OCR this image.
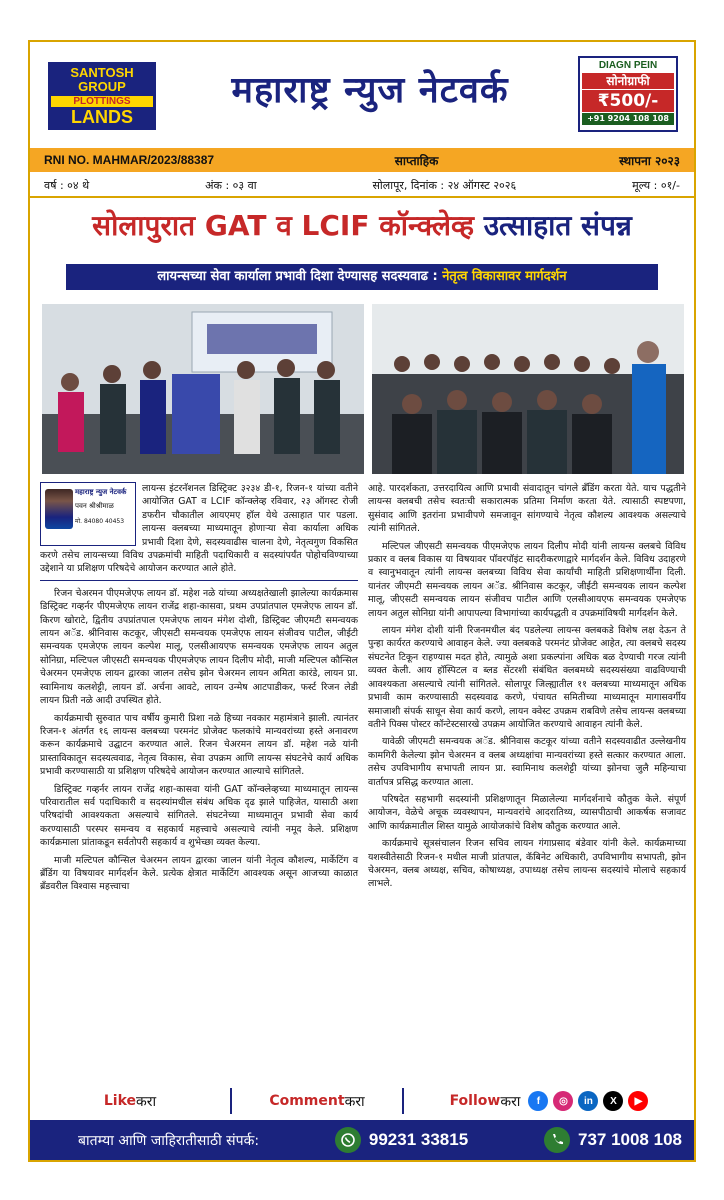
SANTOSH
GROUP
PLOTTINGS
LANDS
महाराष्ट्र न्युज नेटवर्क
DIAGN PEIN
सोनोग्राफी
₹500/-
+91 9204 108 108
RNI NO. MAHMAR/2023/88387	साप्ताहिक	स्थापना २०२३
वर्ष : ०४ थे	अंक : ०३ वा	सोलापूर, दिनांक : २४ ऑगस्ट २०२६	मूल्य : ०१/-
सोलापुरात GAT व LCIF कॉन्क्लेव्ह उत्साहात संपन्न
लायन्सच्या सेवा कार्याला प्रभावी दिशा देण्यासह सदस्यवाढ : नेतृत्व विकासावर मार्गदर्शन
महाराष्ट्र न्युज नेटवर्क
पवन श्रीश्रीमाळ
मो. 84080 40453

लायन्स इंटरनॅशनल डिस्ट्रिक्ट ३२३४ डी-१, रिजन-१ यांच्या वतीने आयोजित GAT व LCIF कॉन्क्लेव्ह रविवार, २३ ऑगस्ट रोजी डफरीन चौकातील आयएमए हॉल येथे उत्साहात पार पडला. लायन्स क्लबच्या माध्यमातून होणाऱ्या सेवा कार्याला अधिक प्रभावी दिशा देणे, सदस्यवाढीस चालना देणे, नेतृत्वगुण विकसित करणे तसेच लायन्सच्या विविध उपक्रमांची माहिती पदाधिकारी व सदस्यांपर्यंत पोहोचविण्याच्या उद्देशाने या प्रशिक्षण परिषदेचे आयोजन करण्यात आले होते.

रिजन चेअरमन पीएमजेएफ लायन डॉ. महेश नळे यांच्या अध्यक्षतेखाली झालेल्या कार्यक्रमास डिस्ट्रिक्ट गव्हर्नर पीएमजेएफ लायन राजेंद्र शहा-कासवा, प्रथम उपप्रांतपाल एमजेएफ लायन डॉ. किरण खोराटे, द्वितीय उपप्रांतपाल एमजेएफ लायन मंगेश दोशी, डिस्ट्रिक्ट जीएमटी समन्वयक लायन अॅड. श्रीनिवास कटकूर, जीएसटी समन्वयक एमजेएफ लायन संजीवच पाटील, जीईटी समन्वयक एमजेएफ लायन कल्पेश मालू, एलसीआयएफ समन्वयक एमजेएफ लायन अतुल सोनिग्रा, मल्टिपल जीएसटी समन्वयक पीएमजेएफ लायन दिलीप मोदी, माजी मल्टिपल कौन्सिल चेअरमन एमजेएफ लायन द्वारका जालन तसेच झोन चेअरमन लायन अमिता कारंडे, लायन प्रा. स्वामिनाथ कलशेट्टी, लायन डॉ. अर्चना आवटे, लायन उन्मेष आटपाडीकर, फर्स्ट रिजन लेडी लायन प्रिती नळे आदी उपस्थित होते.

कार्यक्रमाची सुरुवात पाच वर्षीय कुमारी प्रिशा नळे हिच्या नवकार महामंत्राने झाली. त्यानंतर रिजन-१ अंतर्गत १६ लायन्स क्लबच्या परमनंट प्रोजेक्ट फलकांचे मान्यवरांच्या हस्ते अनावरण करून कार्यक्रमाचे उद्घाटन करण्यात आले. रिजन चेअरमन लायन डॉ. महेश नळे यांनी प्रास्ताविकातून सदस्यत्ववाढ, नेतृत्व विकास, सेवा उपक्रम आणि लायन्स संघटनेचे कार्य अधिक प्रभावी करण्यासाठी या प्रशिक्षण परिषदेचे आयोजन करण्यात आल्याचे सांगितले.

डिस्ट्रिक्ट गव्हर्नर लायन राजेंद्र शहा-कासवा यांनी GAT कॉन्क्लेव्हच्या माध्यमातून लायन्स परिवारातील सर्व पदाधिकारी व सदस्यांमधील संबंध अधिक दृढ झाले पाहिजेत, यासाठी अशा परिषदांची आवश्यकता असल्याचे सांगितले. संघटनेच्या माध्यमातून प्रभावी सेवा कार्य करण्यासाठी परस्पर समन्वय व सहकार्य महत्त्वाचे असल्याचे त्यांनी नमूद केले. प्रशिक्षण कार्यक्रमाला प्रांताकडून सर्वतोपरी सहकार्य व शुभेच्छा व्यक्त केल्या.

माजी मल्टिपल कौन्सिल चेअरमन लायन द्वारका जालन यांनी नेतृत्व कौशल्य, मार्केटिंग व ब्रँडिंग या विषयावर मार्गदर्शन केले. प्रत्येक क्षेत्रात मार्केटिंग आवश्यक असून आजच्या काळात ब्रँडवरील विश्वास महत्त्वाचा

आहे. पारदर्शकता, उत्तरदायित्व आणि प्रभावी संवादातून चांगले ब्रँडिंग करता येते. याच पद्धतीने लायन्स क्लबची तसेच स्वतःची सकारात्मक प्रतिमा निर्माण करता येते. त्यासाठी स्पष्टपणा, सुसंवाद आणि इतरांना प्रभावीपणे समजावून सांगण्याचे नेतृत्व कौशल्य आवश्यक असल्याचे त्यांनी सांगितले.

मल्टिपल जीएसटी समन्वयक पीएमजेएफ लायन दिलीप मोदी यांनी लायन्स क्लबचे विविध प्रकार व क्लब विकास या विषयावर पॉवरपॉइंट सादरीकरणाद्वारे मार्गदर्शन केले. विविध उदाहरणे व स्वानुभवातून त्यांनी लायन्स क्लबच्या विविध सेवा कार्यांची माहिती प्रशिक्षणार्थींना दिली. यानंतर जीएमटी समन्वयक लायन अॅड. श्रीनिवास कटकूर, जीईटी समन्वयक लायन कल्पेश मालू, जीएसटी समन्वयक लायन संजीवच पाटील आणि एलसीआयएफ समन्वयक एमजेएफ लायन अतुल सोनिग्रा यांनी आपापल्या विभागांच्या कार्यपद्धती व उपक्रमांविषयी मार्गदर्शन केले.

लायन मंगेश दोशी यांनी रिजनमधील बंद पडलेल्या लायन्स क्लबकडे विशेष लक्ष देऊन ते पुन्हा कार्यरत करण्याचे आवाहन केले. ज्या क्लबकडे परमनंट प्रोजेक्ट आहेत, त्या क्लबचे सदस्य संघटनेत टिकून राहण्यास मदत होते, त्यामुळे अशा प्रकल्पांना अधिक बळ देण्याची गरज त्यांनी व्यक्त केली. आय हॉस्पिटल व ब्लड सेंटरशी संबंधित क्लबमध्ये सदस्यसंख्या वाढविण्याची आवश्यकता असल्याचे त्यांनी सांगितले. सोलापूर जिल्ह्यातील ११ क्लबच्या माध्यमातून अधिक प्रभावी काम करण्यासाठी सदस्यवाढ करणे, पंचायत समितीच्या माध्यमातून मागासवर्गीय समाजाशी संपर्क साधून सेवा कार्य करणे, लायन क्वेस्ट उपक्रम राबविणे तसेच लायन्स क्लबच्या वतीने पिक्स पोस्टर कॉन्टेस्टसारखे उपक्रम आयोजित करण्याचे आवाहन त्यांनी केले.

यावेळी जीएमटी समन्वयक अॅड. श्रीनिवास कटकूर यांच्या वतीने सदस्यवाढीत उल्लेखनीय कामगिरी केलेल्या झोन चेअरमन व क्लब अध्यक्षांचा मान्यवरांच्या हस्ते सत्कार करण्यात आला. तसेच उपविभागीय सभापती लायन प्रा. स्वामिनाथ कलशेट्टी यांच्या झोनचा जुलै महिन्याचा वार्तापत्र प्रसिद्ध करण्यात आला.

परिषदेत सहभागी सदस्यांनी प्रशिक्षणातून मिळालेल्या मार्गदर्शनाचे कौतुक केले. संपूर्ण आयोजन, वेळेचे अचूक व्यवस्थापन, मान्यवरांचे आदरातिथ्य, व्यासपीठाची आकर्षक सजावट आणि कार्यक्रमातील शिस्त यामुळे आयोजकांचे विशेष कौतुक करण्यात आले.

कार्यक्रमाचे सूत्रसंचालन रिजन सचिव लायन गंगाप्रसाद बंडेवार यांनी केले. कार्यक्रमाच्या यशस्वीतेसाठी रिजन-१ मधील माजी प्रांतपाल, कॅबिनेट अधिकारी, उपविभागीय सभापती, झोन चेअरमन, क्लब अध्यक्ष, सचिव, कोषाध्यक्ष, उपाध्यक्ष तसेच लायन्स सदस्यांचे मोलाचे सहकार्य लाभले.

Like करा	Comment करा	Follow करा	f	◎	in	X	▶
बातम्या आणि जाहिरातीसाठी संपर्क:	99231 33815	737 1008 108
